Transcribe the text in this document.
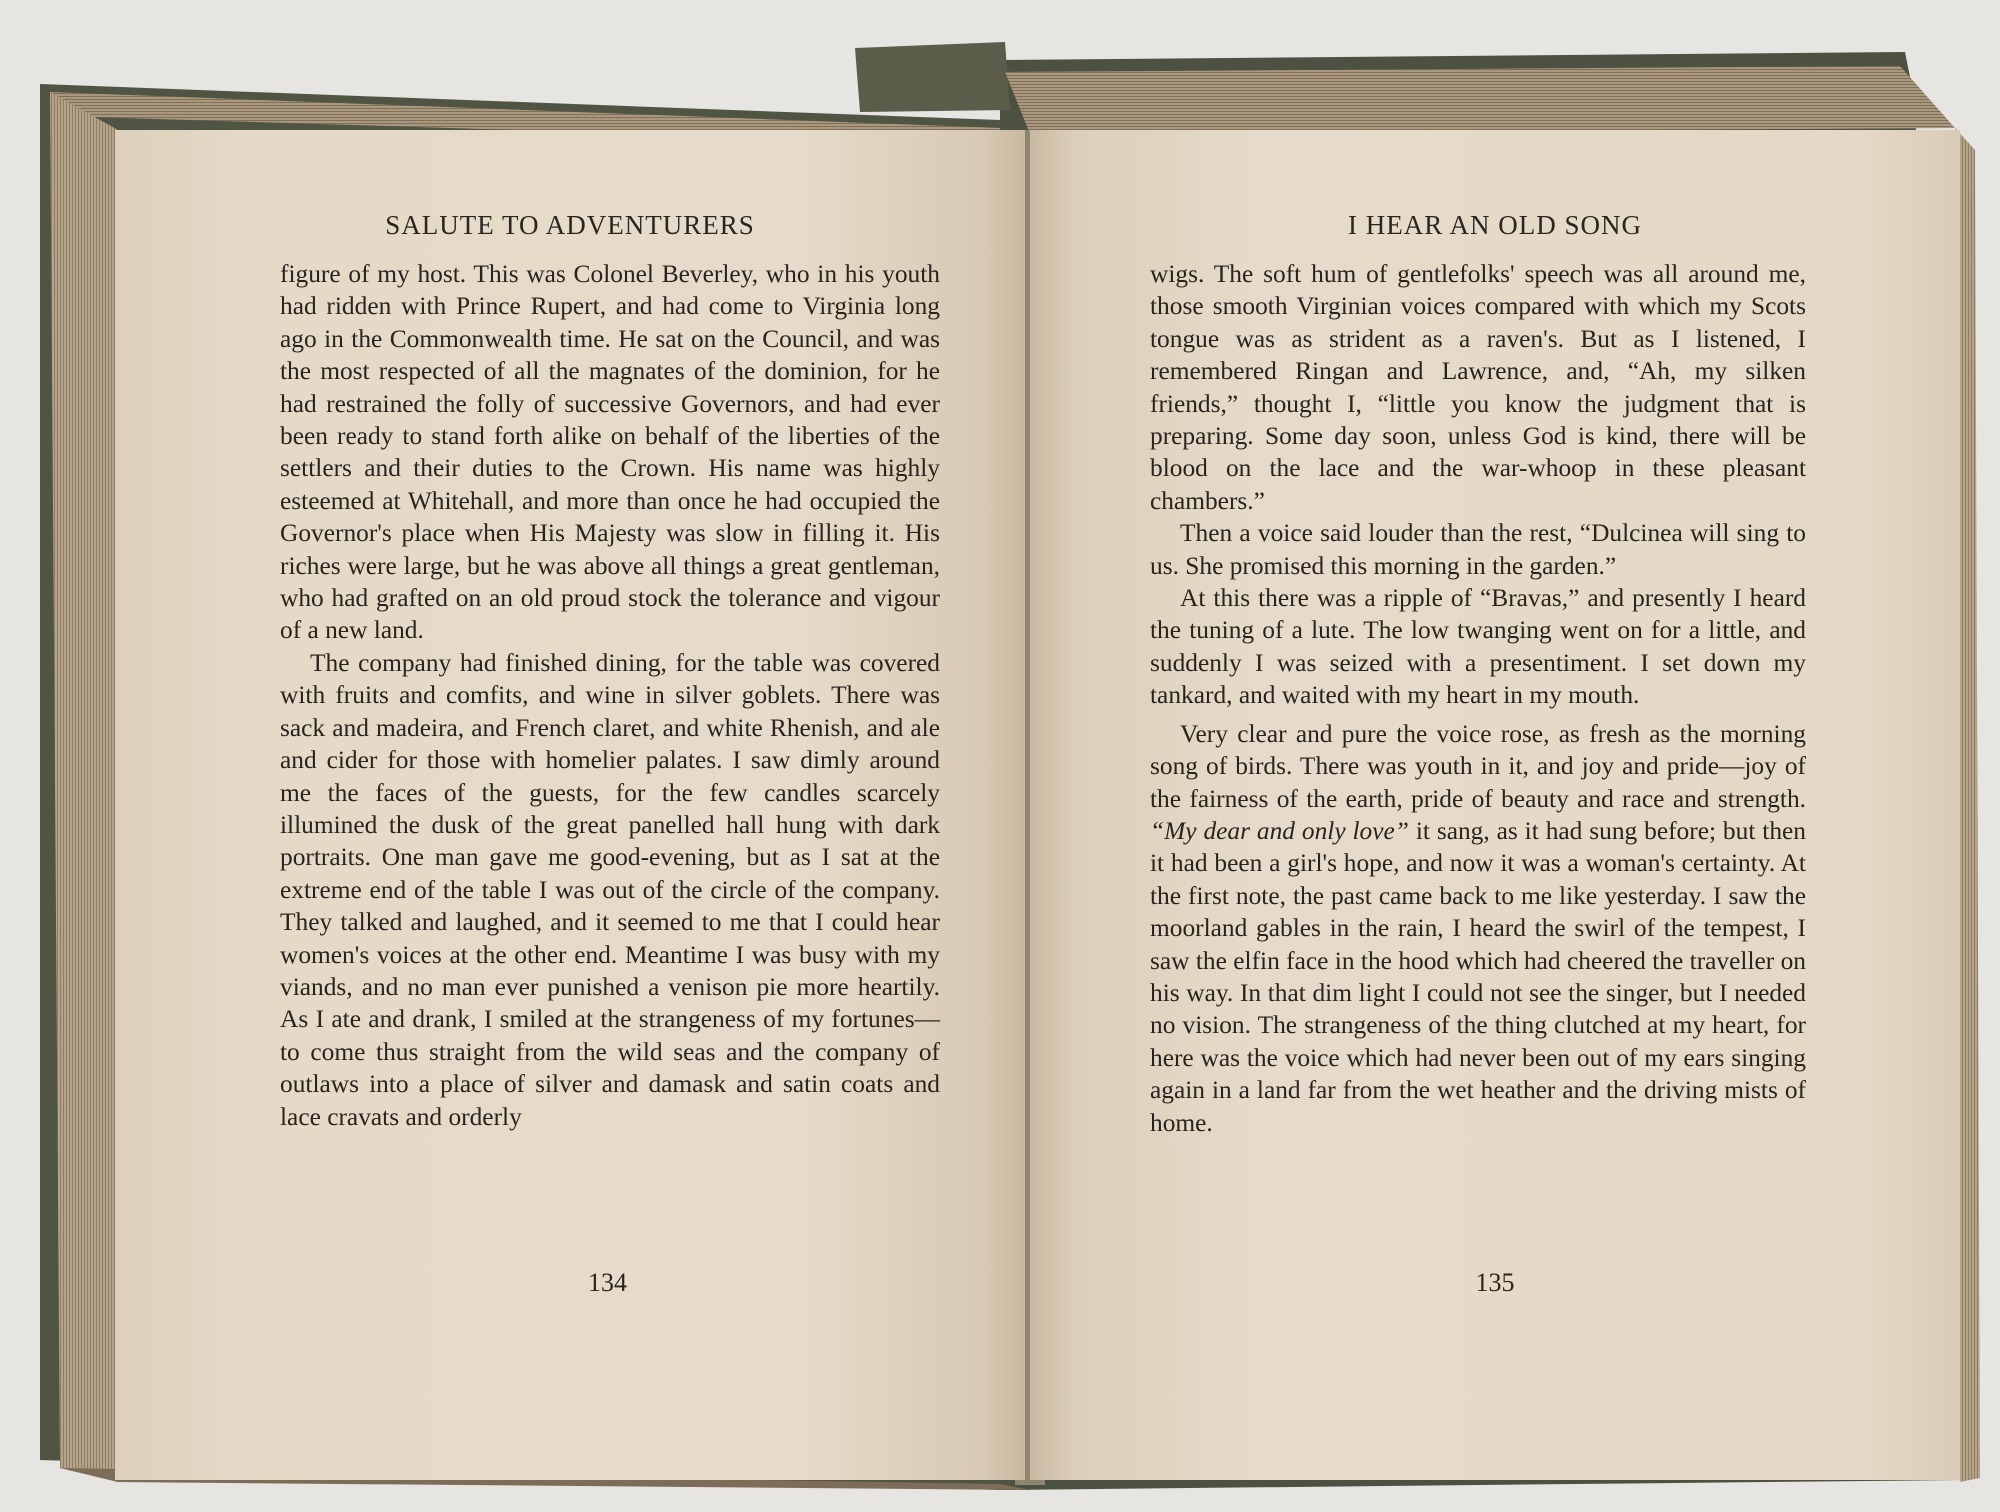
SALUTE TO ADVENTURERS

figure of my host. This was Colonel Beverley, who in his youth had ridden with Prince Rupert, and had come to Virginia long ago in the Commonwealth time. He sat on the Council, and was the most respected of all the magnates of the dominion, for he had restrained the folly of successive Governors, and had ever been ready to stand forth alike on behalf of the liberties of the settlers and their duties to the Crown. His name was highly esteemed at Whitehall, and more than once he had occupied the Governor's place when His Majesty was slow in filling it. His riches were large, but he was above all things a great gentleman, who had grafted on an old proud stock the tolerance and vigour of a new land.

The company had finished dining, for the table was covered with fruits and comfits, and wine in silver goblets. There was sack and madeira, and French claret, and white Rhenish, and ale and cider for those with homelier palates. I saw dimly around me the faces of the guests, for the few candles scarcely illumined the dusk of the great panelled hall hung with dark portraits. One man gave me good-evening, but as I sat at the extreme end of the table I was out of the circle of the company. They talked and laughed, and it seemed to me that I could hear women's voices at the other end. Meantime I was busy with my viands, and no man ever punished a venison pie more heartily. As I ate and drank, I smiled at the strangeness of my fortunes—to come thus straight from the wild seas and the company of outlaws into a place of silver and damask and satin coats and lace cravats and orderly

134
I HEAR AN OLD SONG

wigs. The soft hum of gentlefolks' speech was all around me, those smooth Virginian voices compared with which my Scots tongue was as strident as a raven's. But as I listened, I remembered Ringan and Lawrence, and, “Ah, my silken friends,” thought I, “little you know the judgment that is preparing. Some day soon, unless God is kind, there will be blood on the lace and the war-whoop in these pleasant chambers.”

Then a voice said louder than the rest, “Dulcinea will sing to us. She promised this morning in the garden.”

At this there was a ripple of “Bravas,” and presently I heard the tuning of a lute. The low twanging went on for a little, and suddenly I was seized with a presentiment. I set down my tankard, and waited with my heart in my mouth.

Very clear and pure the voice rose, as fresh as the morning song of birds. There was youth in it, and joy and pride—joy of the fairness of the earth, pride of beauty and race and strength. “My dear and only love” it sang, as it had sung before; but then it had been a girl's hope, and now it was a woman's certainty. At the first note, the past came back to me like yesterday. I saw the moorland gables in the rain, I heard the swirl of the tempest, I saw the elfin face in the hood which had cheered the traveller on his way. In that dim light I could not see the singer, but I needed no vision. The strangeness of the thing clutched at my heart, for here was the voice which had never been out of my ears singing again in a land far from the wet heather and the driving mists of home.

135
